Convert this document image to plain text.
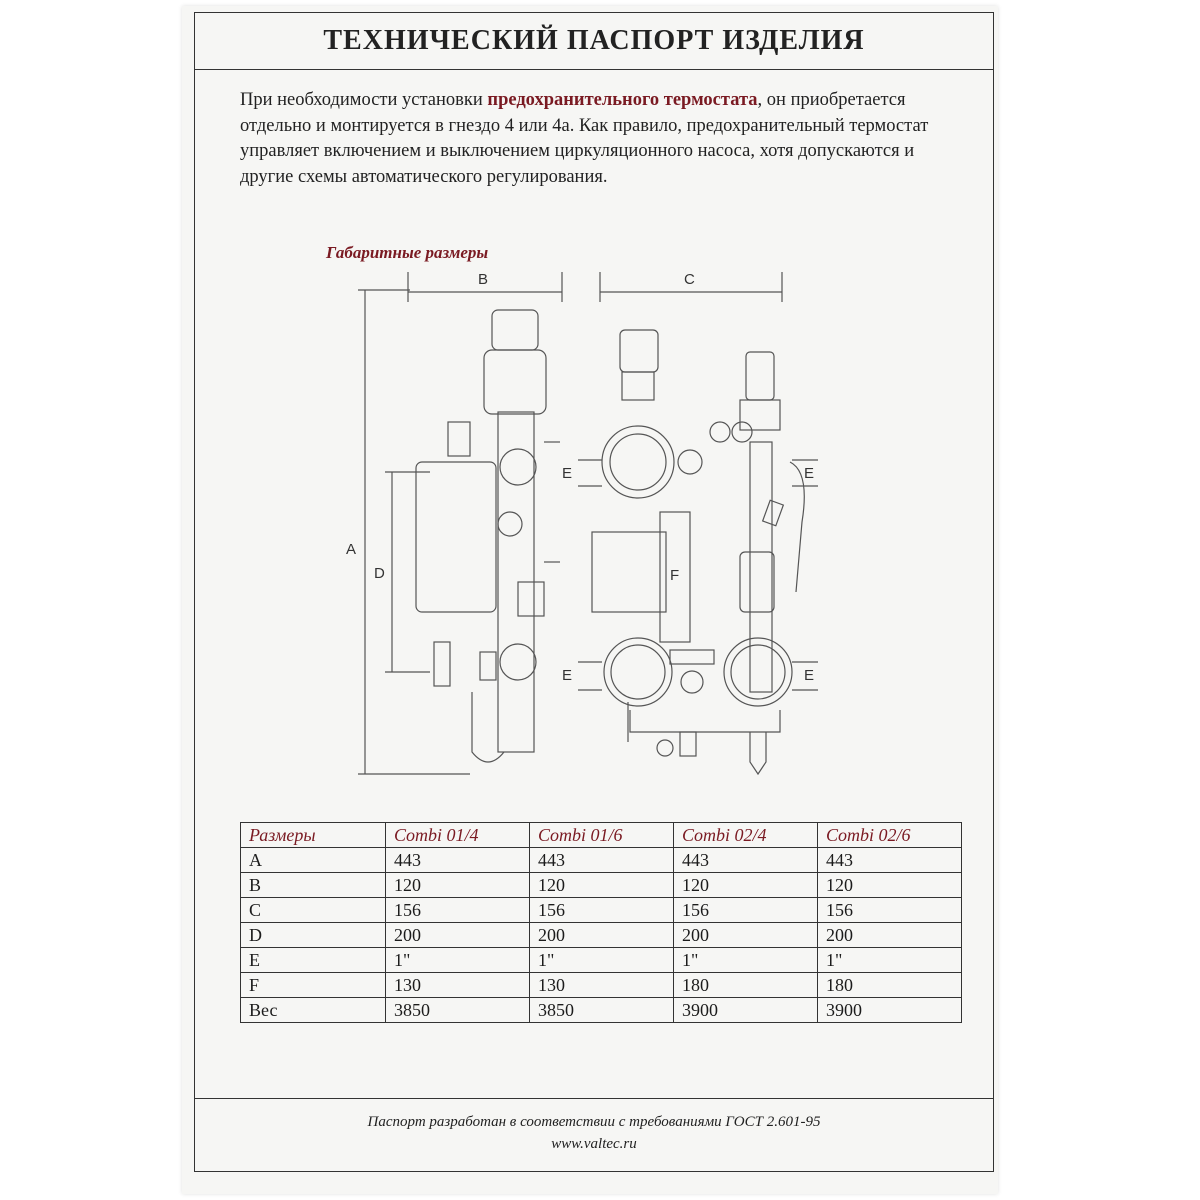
ТЕХНИЧЕСКИЙ ПАСПОРТ ИЗДЕЛИЯ
При необходимости установки предохранительного термостата, он приобретается отдельно и монтируется в гнездо 4 или 4а. Как правило, предохранительный термостат управляет включением и выключением циркуляционного насоса, хотя допускаются и другие схемы автоматического регулирования.
Габаритные размеры
B	C
A
D	F
E	E
E	E
Размеры	Combi 01/4	Combi 01/6	Combi 02/4	Combi 02/6
A	443	443	443	443
B	120	120	120	120
C	156	156	156	156
D	200	200	200	200
E	1"	1"	1"	1"
F	130	130	180	180
Вес	3850	3850	3900	3900
Паспорт разработан в соответствии с требованиями ГОСТ 2.601-95
www.valtec.ru
